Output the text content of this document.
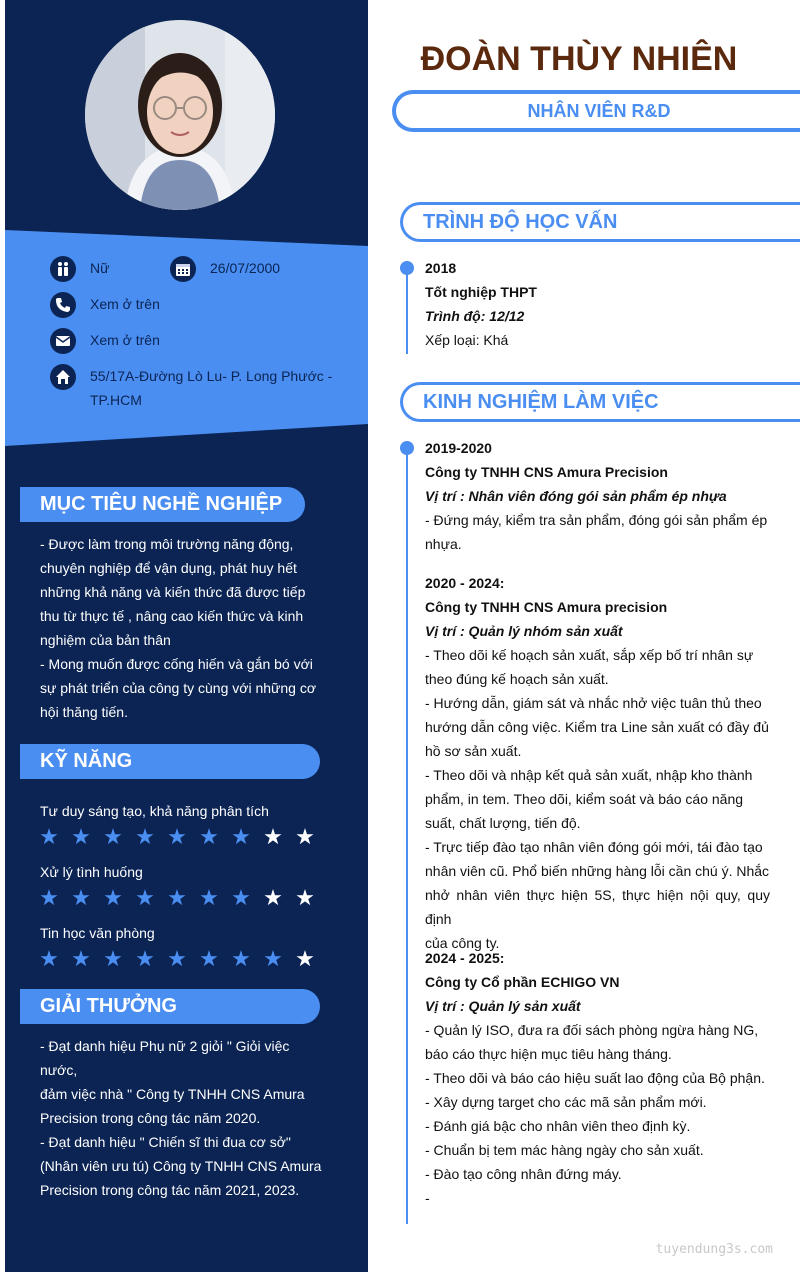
Nữ	26/07/2000
Xem ở trên
Xem ở trên
55/17A-Đường Lò Lu- P. Long Phước -
TP.HCM
MỤC TIÊU NGHỀ NGHIỆP
- Được làm trong môi trường năng động,
chuyên nghiệp để vận dụng, phát huy hết
những khả năng và kiến thức đã được tiếp
thu từ thực tế , nâng cao kiến thức và kinh
nghiệm của bản thân
- Mong muốn được cống hiến và gắn bó với
sự phát triển của công ty cùng với những cơ
hội thăng tiến.
KỸ NĂNG
Tư duy sáng tạo, khả năng phân tích
★ ★ ★ ★ ★ ★ ★ ★ ★
Xử lý tình huống
★ ★ ★ ★ ★ ★ ★ ★ ★
Tin học văn phòng
★ ★ ★ ★ ★ ★ ★ ★ ★
GIẢI THƯỞNG
- Đạt danh hiệu Phụ nữ 2 giỏi " Giỏi việc nước,
đảm việc nhà " Công ty TNHH CNS Amura
Precision trong công tác năm 2020.
- Đạt danh hiệu " Chiến sĩ thi đua cơ sở"
(Nhân viên ưu tú) Công ty TNHH CNS Amura
Precision trong công tác năm 2021, 2023.
ĐOÀN THÙY NHIÊN
NHÂN VIÊN R&D
TRÌNH ĐỘ HỌC VẤN
2018
Tốt nghiệp THPT
Trình độ: 12/12
Xếp loại: Khá
KINH NGHIỆM LÀM VIỆC
2019-2020
Công ty TNHH CNS Amura Precision
Vị trí : Nhân viên đóng gói sản phẩm ép nhựa
- Đứng máy, kiểm tra sản phẩm, đóng gói sản phẩm ép
nhựa.
2020 - 2024:
Công ty TNHH CNS Amura precision
Vị trí : Quản lý nhóm sản xuất
- Theo dõi kế hoạch sản xuất, sắp xếp bố trí nhân sự
theo đúng kế hoạch sản xuất.
- Hướng dẫn, giám sát và nhắc nhở việc tuân thủ theo
hướng dẫn công việc. Kiểm tra Line sản xuất có đầy đủ
hồ sơ sản xuất.
- Theo dõi và nhập kết quả sản xuất, nhập kho thành
phẩm, in tem. Theo dõi, kiểm soát và báo cáo năng
suất, chất lượng, tiến độ.
- Trực tiếp đào tạo nhân viên đóng gói mới, tái đào tạo
nhân viên cũ. Phổ biến những hàng lỗi cần chú ý. Nhắc
nhở nhân viên thực hiện 5S, thực hiện nội quy, quy định
của công ty.
2024 - 2025:
Công ty Cổ phần ECHIGO VN
Vị trí : Quản lý sản xuất
- Quản lý ISO, đưa ra đối sách phòng ngừa hàng NG,
báo cáo thực hiện mục tiêu hàng tháng.
- Theo dõi và báo cáo hiệu suất lao động của Bộ phận.
- Xây dựng target cho các mã sản phẩm mới.
- Đánh giá bậc cho nhân viên theo định kỳ.
- Chuẩn bị tem mác hàng ngày cho sản xuất.
- Đào tạo công nhân đứng máy.
-
tuyendung3s.com
